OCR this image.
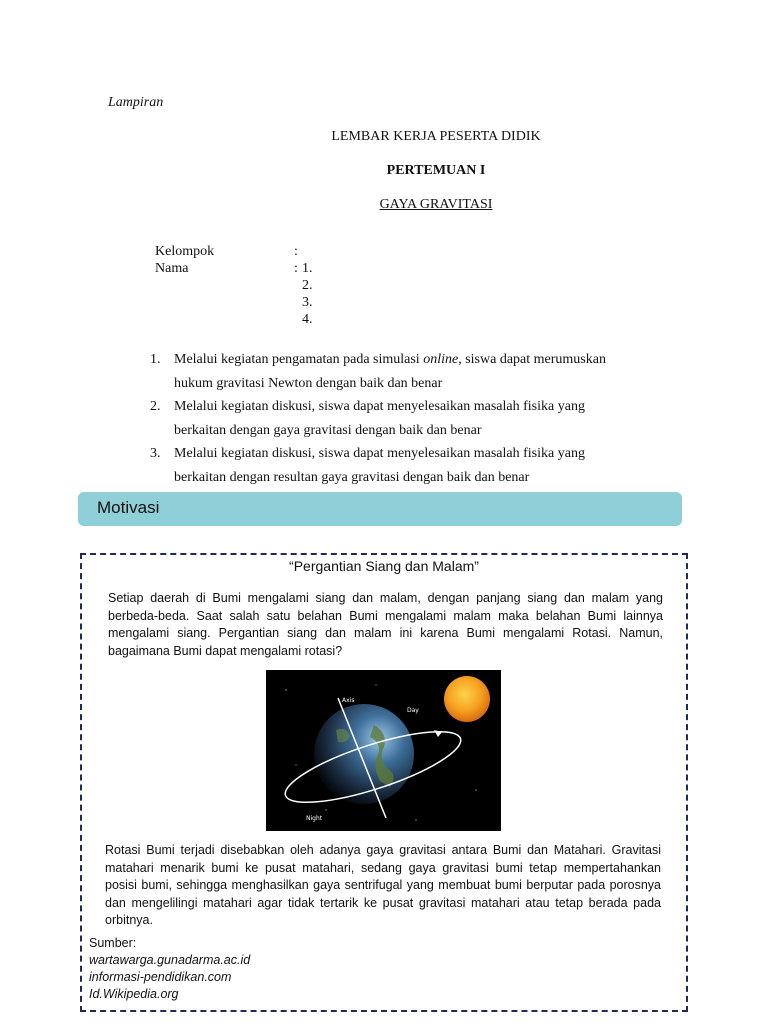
Lampiran
LEMBAR KERJA PESERTA DIDIK
PERTEMUAN I
GAYA GRAVITASI
Kelompok	:
Nama	: 1.
2.
3.
4.
1. Melalui kegiatan pengamatan pada simulasi online, siswa dapat merumuskan hukum gravitasi Newton dengan baik dan benar
2. Melalui kegiatan diskusi, siswa dapat menyelesaikan masalah fisika yang berkaitan dengan gaya gravitasi dengan baik dan benar
3. Melalui kegiatan diskusi, siswa dapat menyelesaikan masalah fisika yang berkaitan dengan resultan gaya gravitasi dengan baik dan benar
Motivasi
“Pergantian Siang dan Malam”
Setiap daerah di Bumi mengalami siang dan malam, dengan panjang siang dan malam yang berbeda-beda. Saat salah satu belahan Bumi mengalami malam maka belahan Bumi lainnya mengalami siang. Pergantian siang dan malam ini karena Bumi mengalami Rotasi. Namun, bagaimana Bumi dapat mengalami rotasi?
Axis
Day
Night
Rotasi Bumi terjadi disebabkan oleh adanya gaya gravitasi antara Bumi dan Matahari. Gravitasi matahari menarik bumi ke pusat matahari, sedang gaya gravitasi bumi tetap mempertahankan posisi bumi, sehingga menghasilkan gaya sentrifugal yang membuat bumi berputar pada porosnya dan mengelilingi matahari agar tidak tertarik ke pusat gravitasi matahari atau tetap berada pada orbitnya.
Sumber:
wartawarga.gunadarma.ac.id
informasi-pendidikan.com
Id.Wikipedia.org
